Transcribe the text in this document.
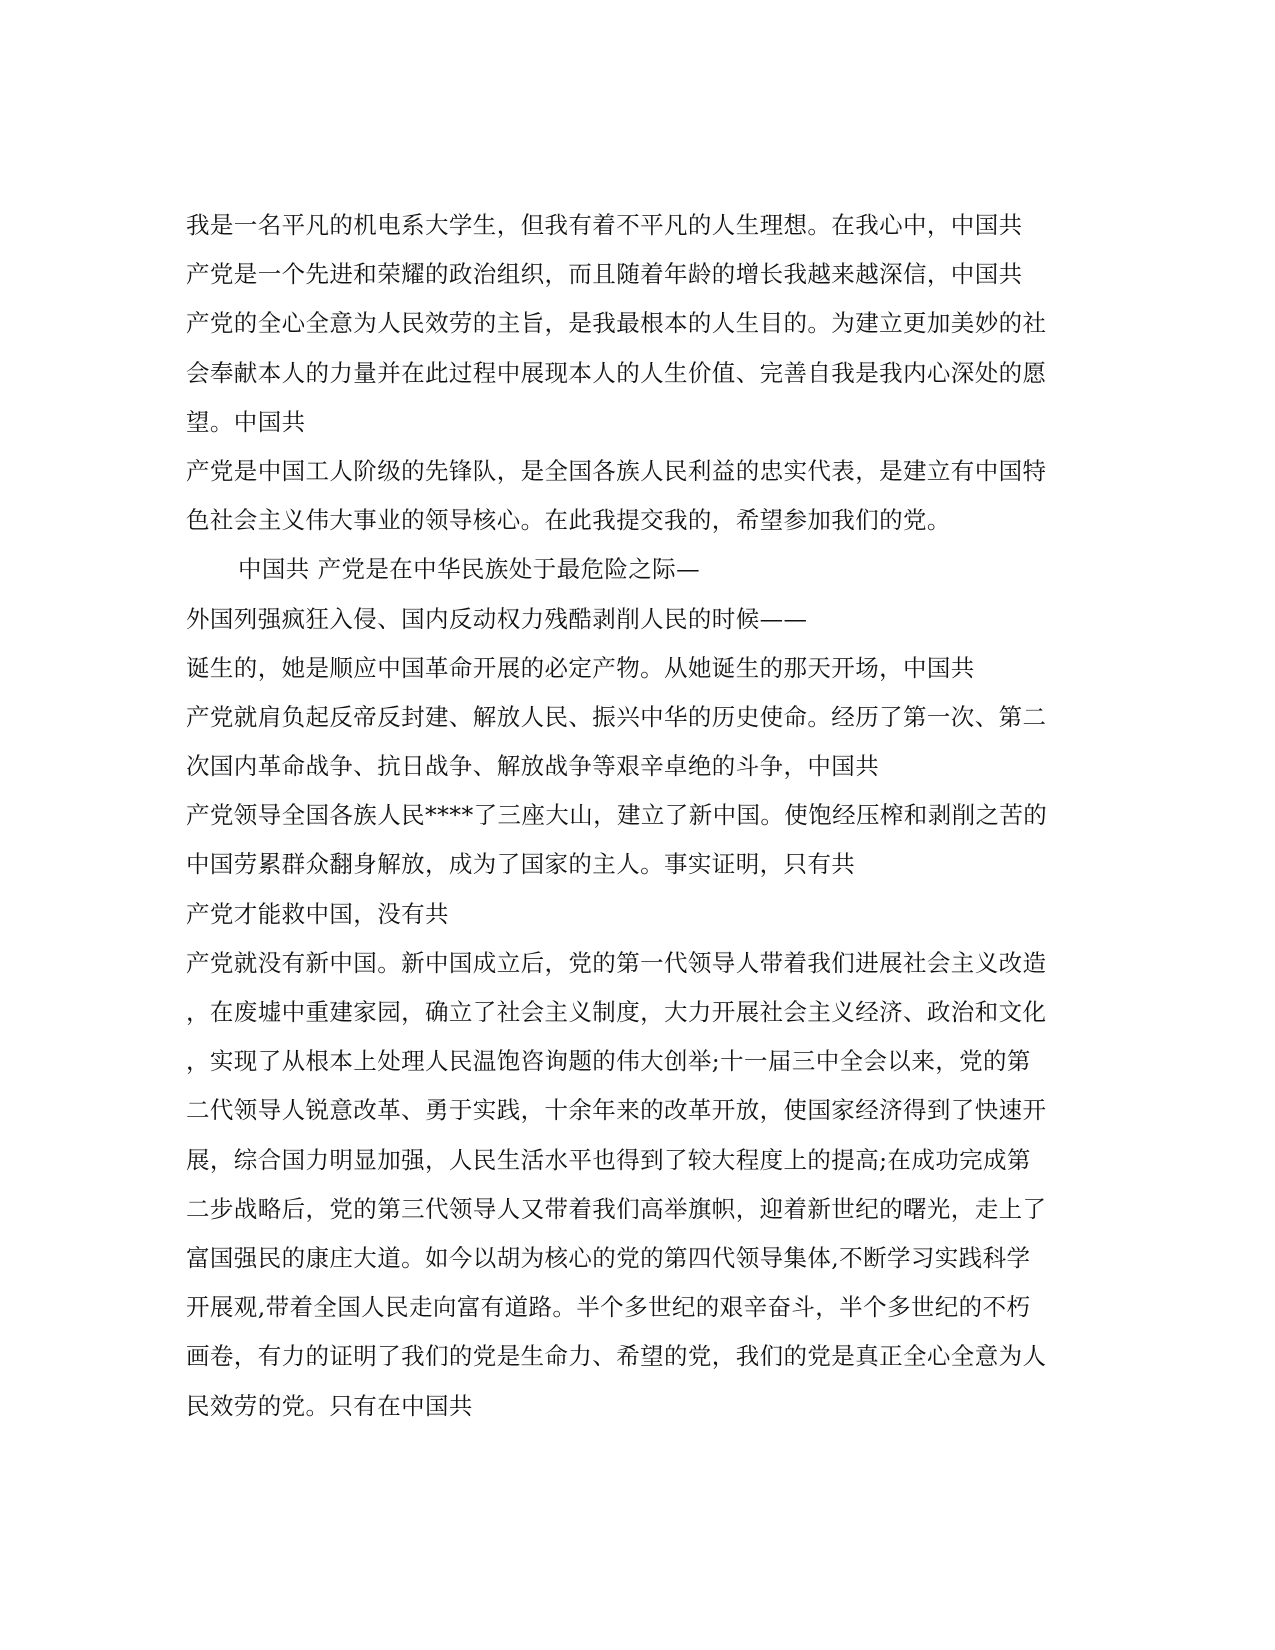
我是一名平凡的机电系大学生，但我有着不平凡的人生理想。在我心中，中国共
产党是一个先进和荣耀的政治组织，而且随着年龄的增长我越来越深信，中国共
产党的全心全意为人民效劳的主旨，是我最根本的人生目的。为建立更加美妙的社
会奉献本人的力量并在此过程中展现本人的人生价值、完善自我是我内心深处的愿
望。中国共
产党是中国工人阶级的先锋队，是全国各族人民利益的忠实代表，是建立有中国特
色社会主义伟大事业的领导核心。在此我提交我的，希望参加我们的党。
中国共 产党是在中华民族处于最危险之际—
外国列强疯狂入侵、国内反动权力残酷剥削人民的时候——
诞生的，她是顺应中国革命开展的必定产物。从她诞生的那天开场，中国共
产党就肩负起反帝反封建、解放人民、振兴中华的历史使命。经历了第一次、第二
次国内革命战争、抗日战争、解放战争等艰辛卓绝的斗争，中国共
产党领导全国各族人民****了三座大山，建立了新中国。使饱经压榨和剥削之苦的
中国劳累群众翻身解放，成为了国家的主人。事实证明，只有共
产党才能救中国，没有共
产党就没有新中国。新中国成立后，党的第一代领导人带着我们进展社会主义改造
，在废墟中重建家园，确立了社会主义制度，大力开展社会主义经济、政治和文化
，实现了从根本上处理人民温饱咨询题的伟大创举;十一届三中全会以来，党的第
二代领导人锐意改革、勇于实践，十余年来的改革开放，使国家经济得到了快速开
展，综合国力明显加强，人民生活水平也得到了较大程度上的提高;在成功完成第
二步战略后，党的第三代领导人又带着我们高举旗帜，迎着新世纪的曙光，走上了
富国强民的康庄大道。如今以胡为核心的党的第四代领导集体,不断学习实践科学
开展观,带着全国人民走向富有道路。半个多世纪的艰辛奋斗，半个多世纪的不朽
画卷，有力的证明了我们的党是生命力、希望的党，我们的党是真正全心全意为人
民效劳的党。只有在中国共
